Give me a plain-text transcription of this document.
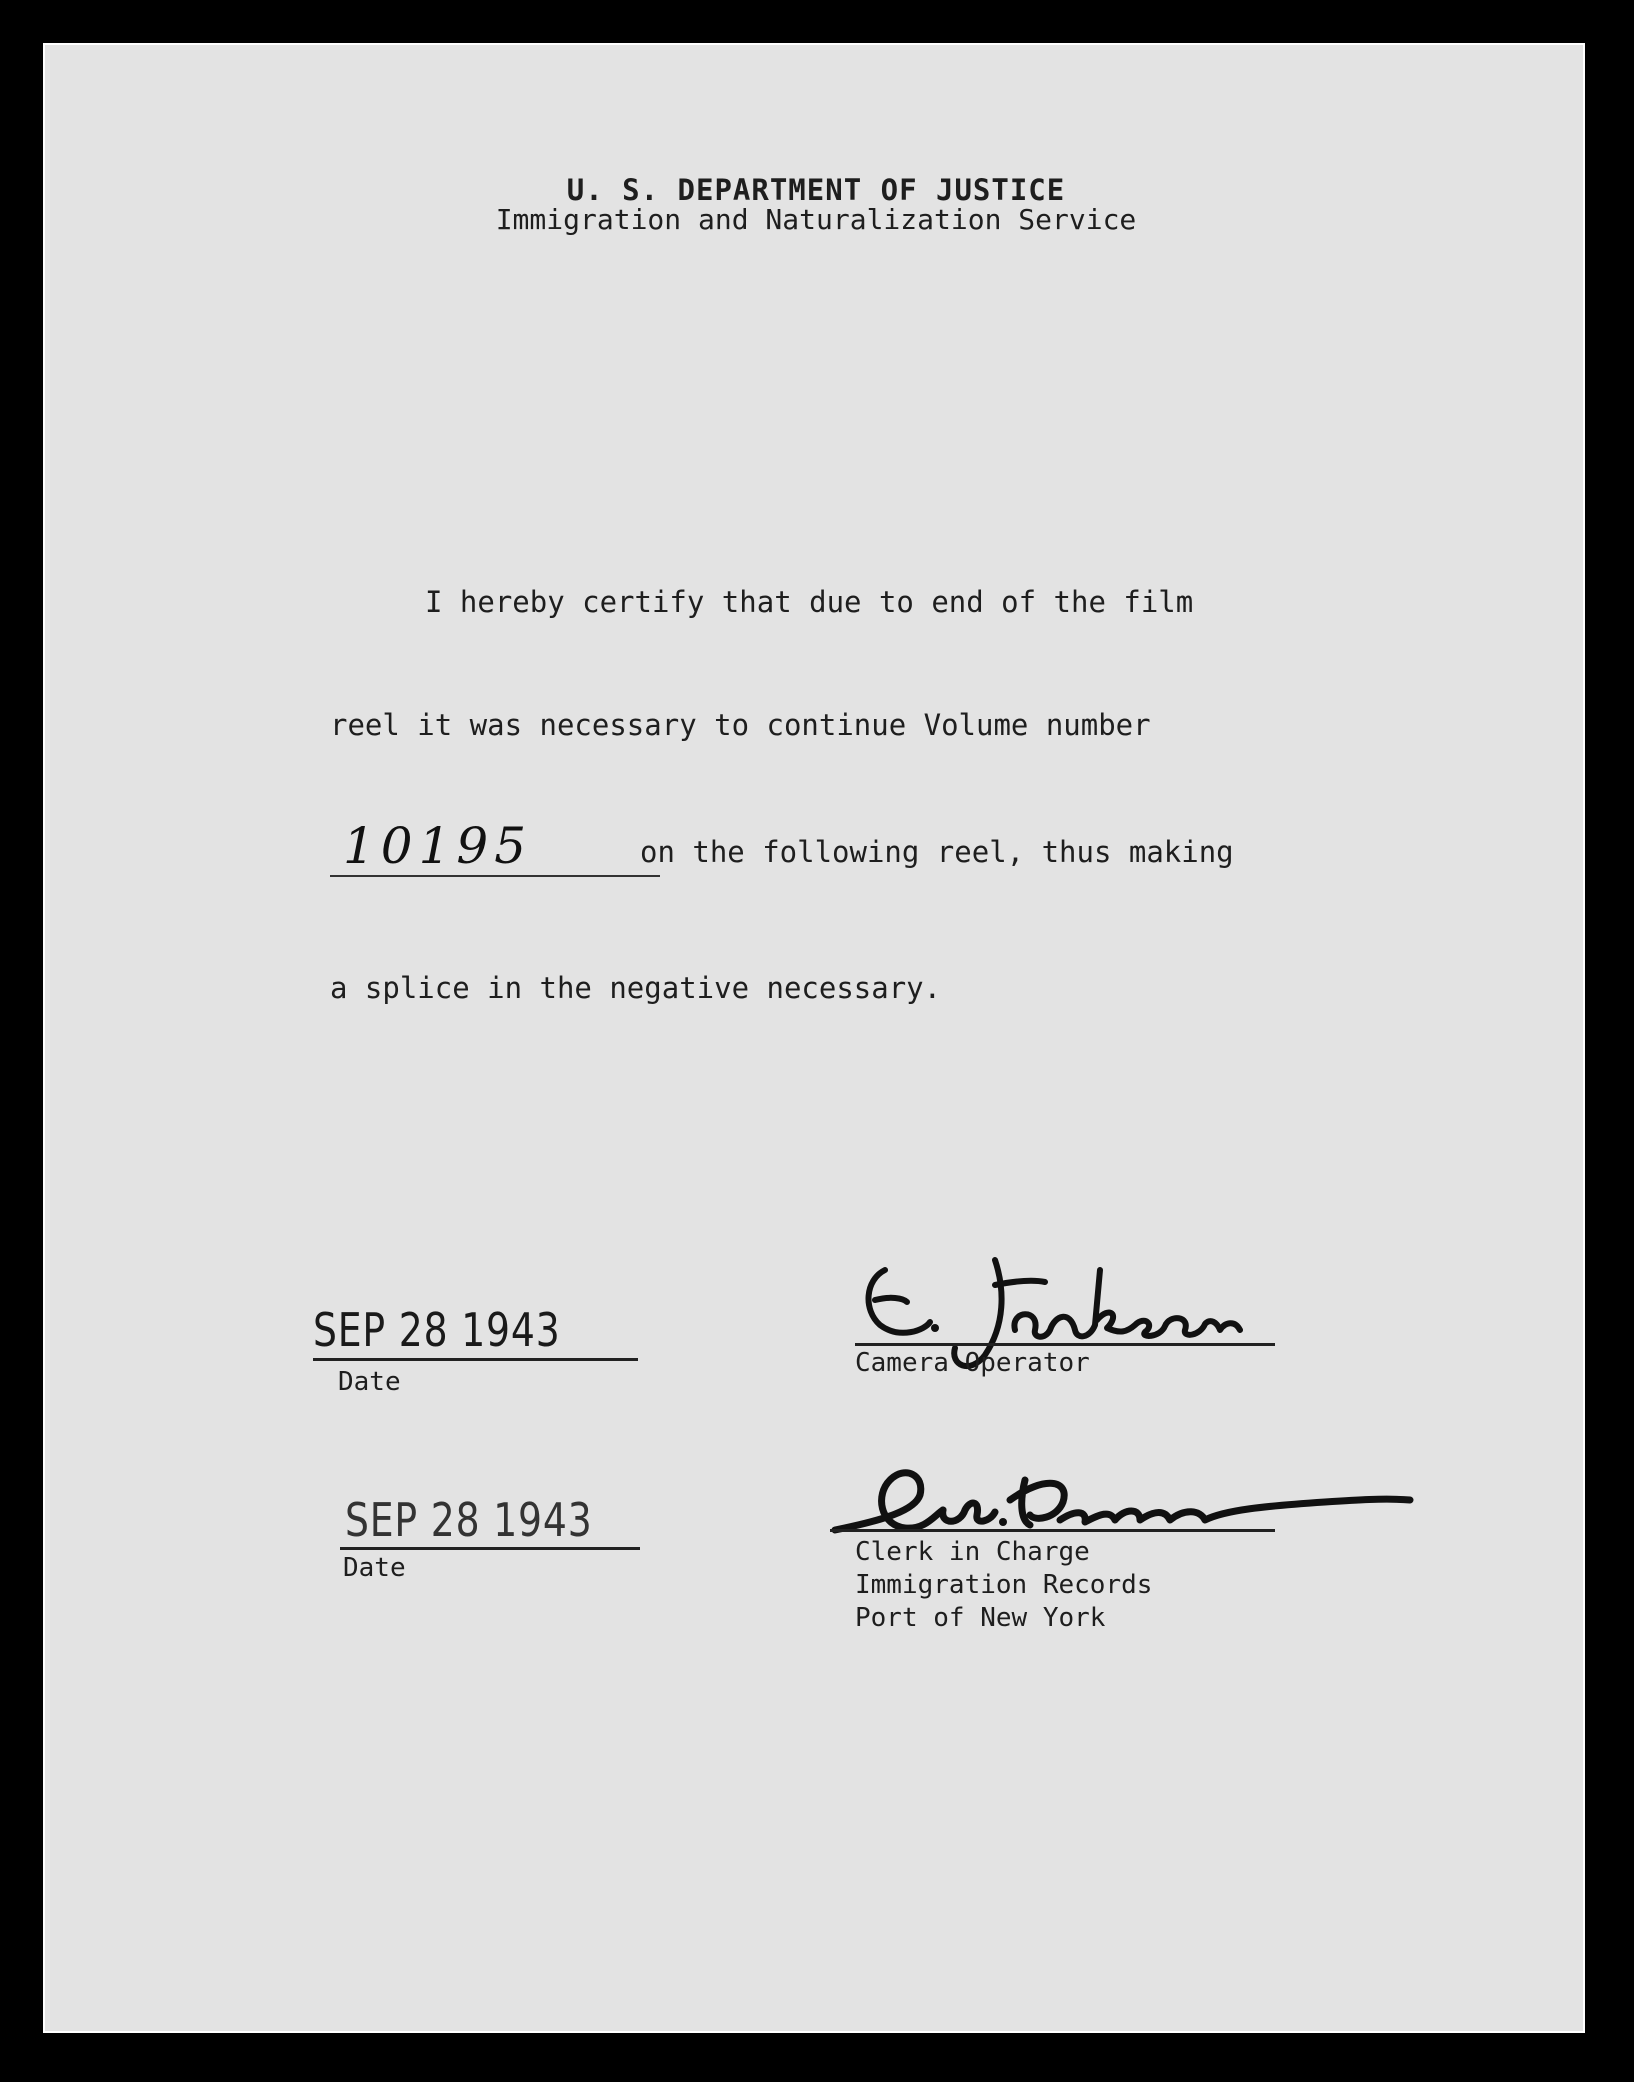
U. S. DEPARTMENT OF JUSTICE
Immigration and Naturalization Service
I hereby certify that due to end of the film
reel it was necessary to continue Volume number
10195	on the following reel, thus making
a splice in the negative necessary.
SEP 28 1943
Date
Camera Operator
SEP 28 1943
Date
Clerk in Charge
Immigration Records
Port of New York
